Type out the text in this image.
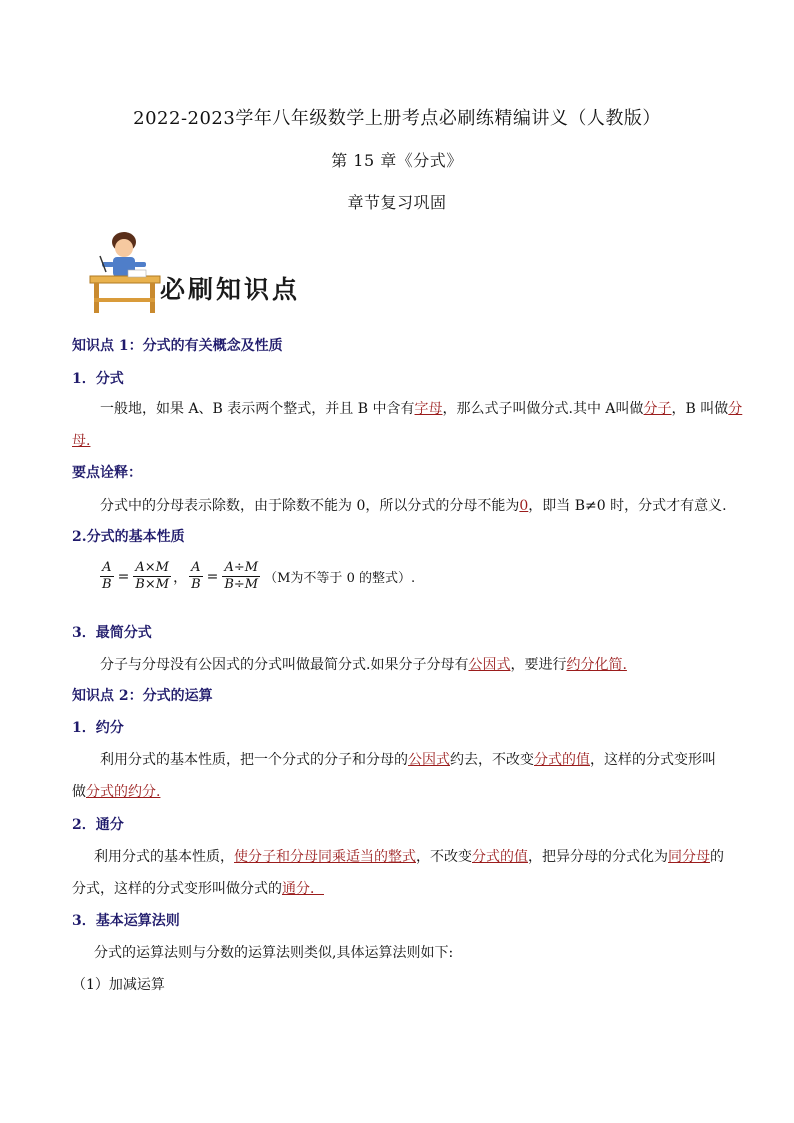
2022-2023学年八年级数学上册考点必刷练精编讲义（人教版）
第 15 章《分式》
章节复习巩固
必刷知识点
知识点 1：分式的有关概念及性质
1．分式
一般地，如果 A、B 表示两个整式，并且 B 中含有字母，那么式子叫做分式.其中 A叫做分子，B 叫做分
母.
要点诠释：
分式中的分母表示除数，由于除数不能为 0，所以分式的分母不能为0，即当 B≠0 时，分式才有意义.
2.分式的基本性质
$\frac{A}{B} = \frac{A\times M}{B\times M}$ ， $\frac{A}{B} = \frac{A\div M}{B\div M} (M$为不等于 0 的整式）.
3．最简分式
分子与分母没有公因式的分式叫做最简分式.如果分子分母有公因式，要进行约分化简.
知识点 2：分式的运算
1．约分
利用分式的基本性质，把一个分式的分子和分母的公因式约去，不改变分式的值，这样的分式变形叫
做分式的约分.
2．通分
利用分式的基本性质，使分子和分母同乘适当的整式，不改变分式的值，把异分母的分式化为同分母的
分式，这样的分式变形叫做分式的通分．
3．基本运算法则
分式的运算法则与分数的运算法则类似,具体运算法则如下:
（1）加减运算
